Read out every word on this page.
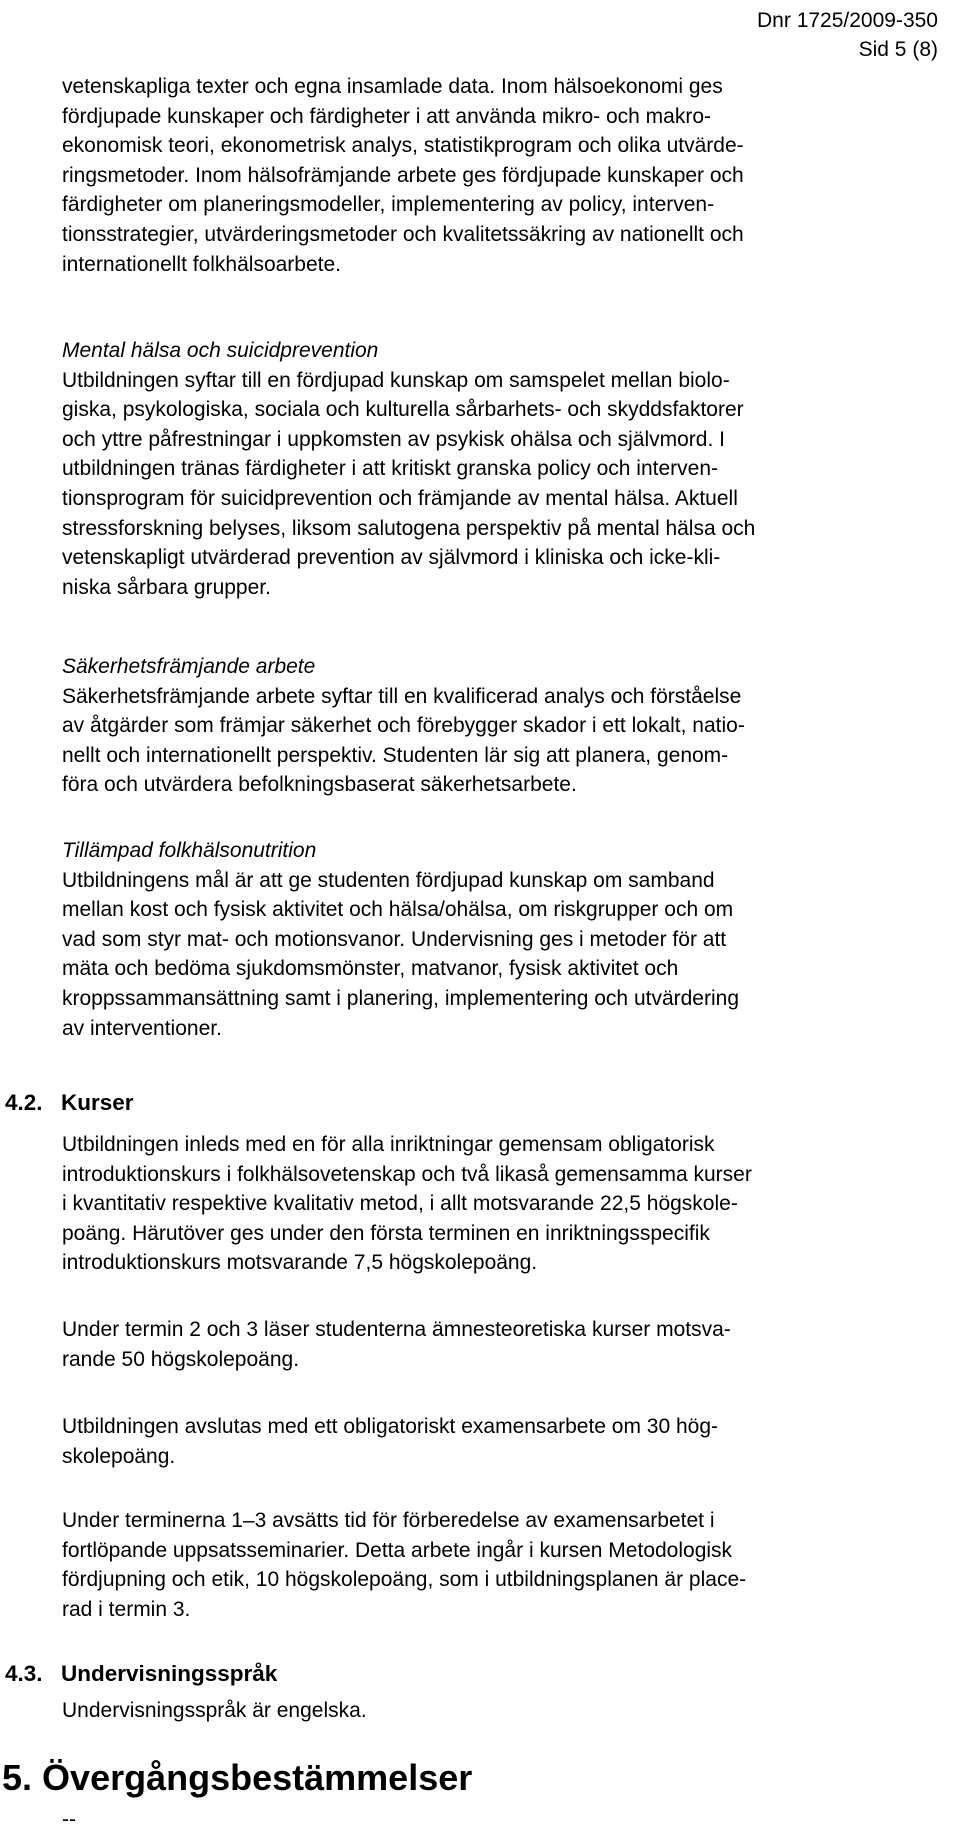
Dnr 1725/2009-350
Sid 5 (8)
vetenskapliga texter och egna insamlade data. Inom hälsoekonomi ges
fördjupade kunskaper och färdigheter i att använda mikro- och makro-
ekonomisk teori, ekonometrisk analys, statistikprogram och olika utvärde-
ringsmetoder. Inom hälsofrämjande arbete ges fördjupade kunskaper och
färdigheter om planeringsmodeller, implementering av policy, interven-
tionsstrategier, utvärderingsmetoder och kvalitetssäkring av nationellt och
internationellt folkhälsoarbete.
Mental hälsa och suicidprevention
Utbildningen syftar till en fördjupad kunskap om samspelet mellan biolo-
giska, psykologiska, sociala och kulturella sårbarhets- och skyddsfaktorer
och yttre påfrestningar i uppkomsten av psykisk ohälsa och självmord. I
utbildningen tränas färdigheter i att kritiskt granska policy och interven-
tionsprogram för suicidprevention och främjande av mental hälsa. Aktuell
stressforskning belyses, liksom salutogena perspektiv på mental hälsa och
vetenskapligt utvärderad prevention av självmord i kliniska och icke-kli-
niska sårbara grupper.
Säkerhetsfrämjande arbete
Säkerhetsfrämjande arbete syftar till en kvalificerad analys och förståelse
av åtgärder som främjar säkerhet och förebygger skador i ett lokalt, natio-
nellt och internationellt perspektiv. Studenten lär sig att planera, genom-
föra och utvärdera befolkningsbaserat säkerhetsarbete.
Tillämpad folkhälsonutrition
Utbildningens mål är att ge studenten fördjupad kunskap om samband
mellan kost och fysisk aktivitet och hälsa/ohälsa, om riskgrupper och om
vad som styr mat- och motionsvanor. Undervisning ges i metoder för att
mäta och bedöma sjukdomsmönster, matvanor, fysisk aktivitet och
kroppssammansättning samt i planering, implementering och utvärdering
av interventioner.
4.2. Kurser
Utbildningen inleds med en för alla inriktningar gemensam obligatorisk
introduktionskurs i folkhälsovetenskap och två likaså gemensamma kurser
i kvantitativ respektive kvalitativ metod, i allt motsvarande 22,5 högskole-
poäng. Härutöver ges under den första terminen en inriktningsspecifik
introduktionskurs motsvarande 7,5 högskolepoäng.
Under termin 2 och 3 läser studenterna ämnesteoretiska kurser motsva-
rande 50 högskolepoäng.
Utbildningen avslutas med ett obligatoriskt examensarbete om 30 hög-
skolepoäng.
Under terminerna 1–3 avsätts tid för förberedelse av examensarbetet i
fortlöpande uppsatsseminarier. Detta arbete ingår i kursen Metodologisk
fördjupning och etik, 10 högskolepoäng, som i utbildningsplanen är place-
rad i termin 3.
4.3. Undervisningsspråk
Undervisningsspråk är engelska.
5. Övergångsbestämmelser
--
